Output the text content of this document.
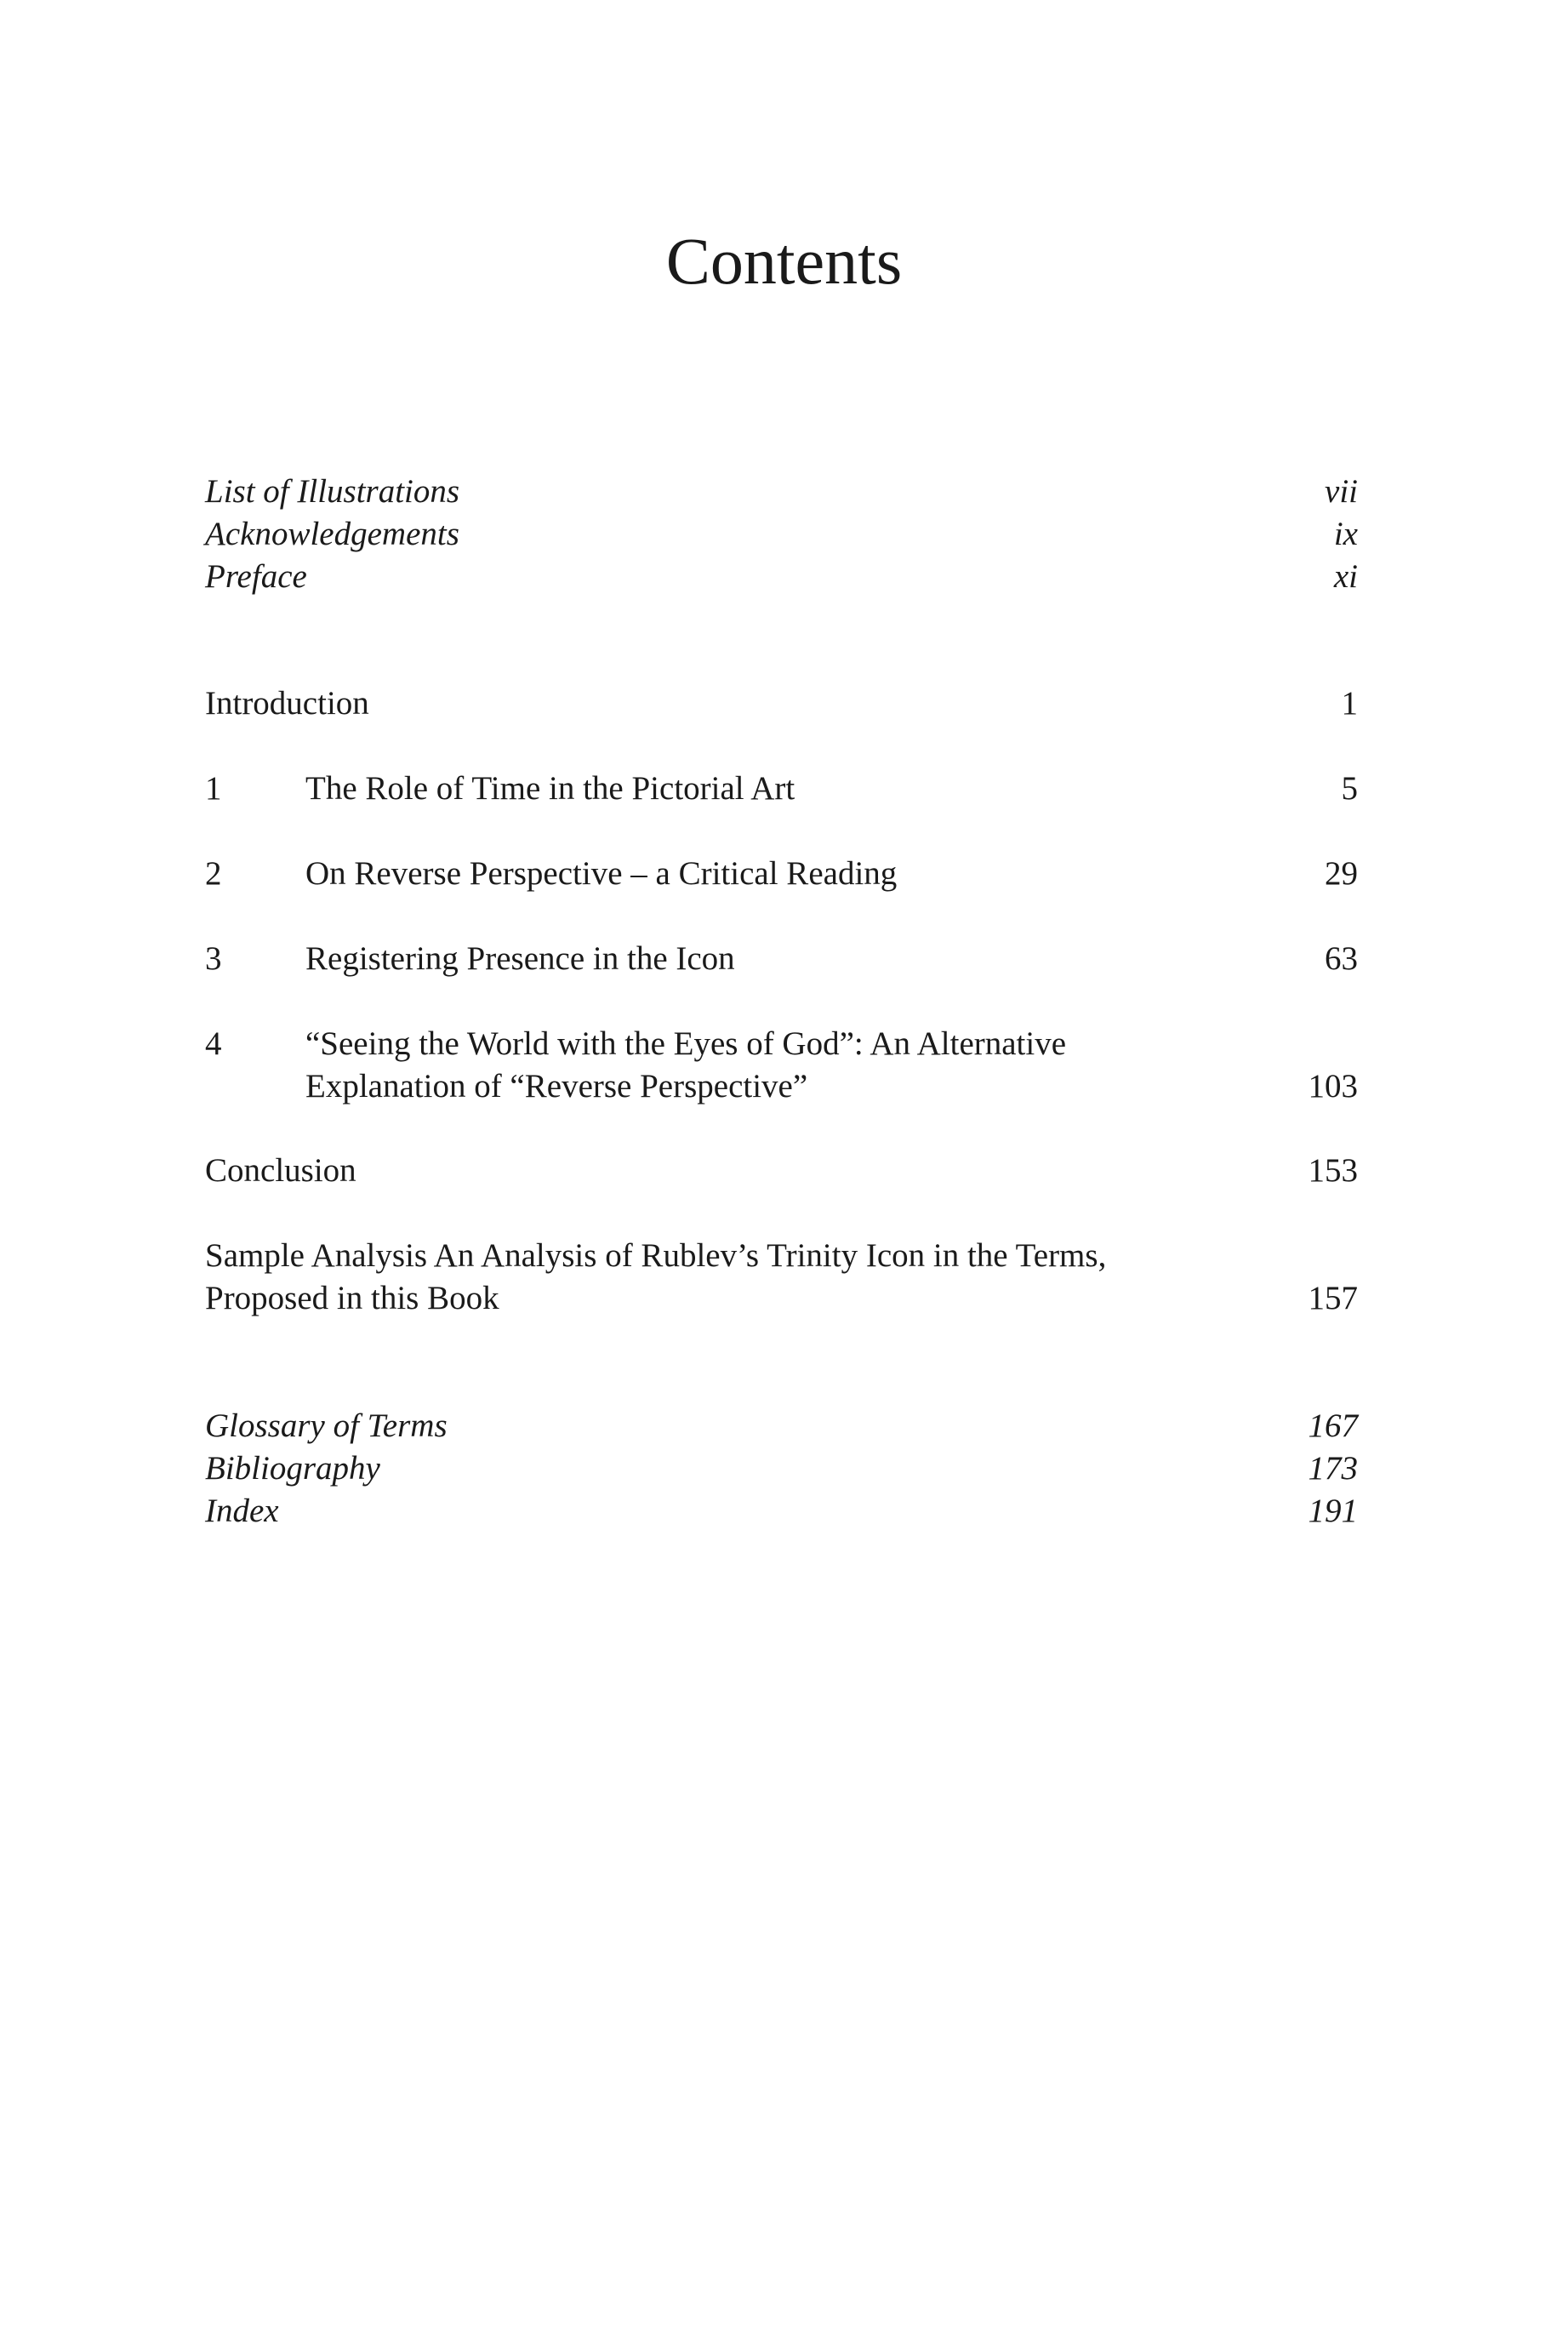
Contents
List of Illustrations	vii
Acknowledgements	ix
Preface	xi
Introduction	1
1	The Role of Time in the Pictorial Art	5
2	On Reverse Perspective – a Critical Reading	29
3	Registering Presence in the Icon	63
4	“Seeing the World with the Eyes of God”: An Alternative
Explanation of “Reverse Perspective”	103
Conclusion	153
Sample Analysis An Analysis of Rublev’s Trinity Icon in the Terms,
Proposed in this Book	157
Glossary of Terms	167
Bibliography	173
Index	191
